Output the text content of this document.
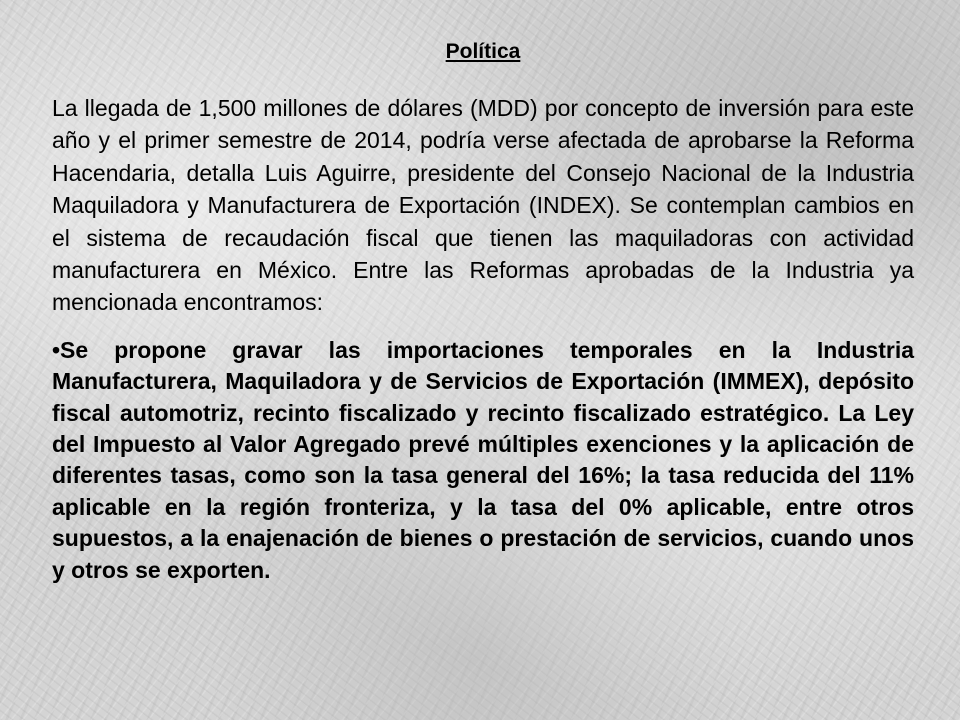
Política

La llegada de 1,500 millones de dólares (MDD) por concepto de inversión para este año y el primer semestre de 2014, podría verse afectada de aprobarse la Reforma Hacendaria, detalla Luis Aguirre, presidente del Consejo Nacional de la Industria Maquiladora y Manufacturera de Exportación (INDEX). Se contemplan cambios en el sistema de recaudación fiscal que tienen las maquiladoras con actividad manufacturera en México. Entre las Reformas aprobadas de la Industria ya mencionada encontramos:

•Se propone gravar las importaciones temporales en la Industria Manufacturera, Maquiladora y de Servicios de Exportación (IMMEX), depósito fiscal automotriz, recinto fiscalizado y recinto fiscalizado estratégico. La Ley del Impuesto al Valor Agregado prevé múltiples exenciones y la aplicación de diferentes tasas, como son la tasa general del 16%; la tasa reducida del 11% aplicable en la región fronteriza, y la tasa del 0% aplicable, entre otros supuestos, a la enajenación de bienes o prestación de servicios, cuando unos y otros se exporten.
